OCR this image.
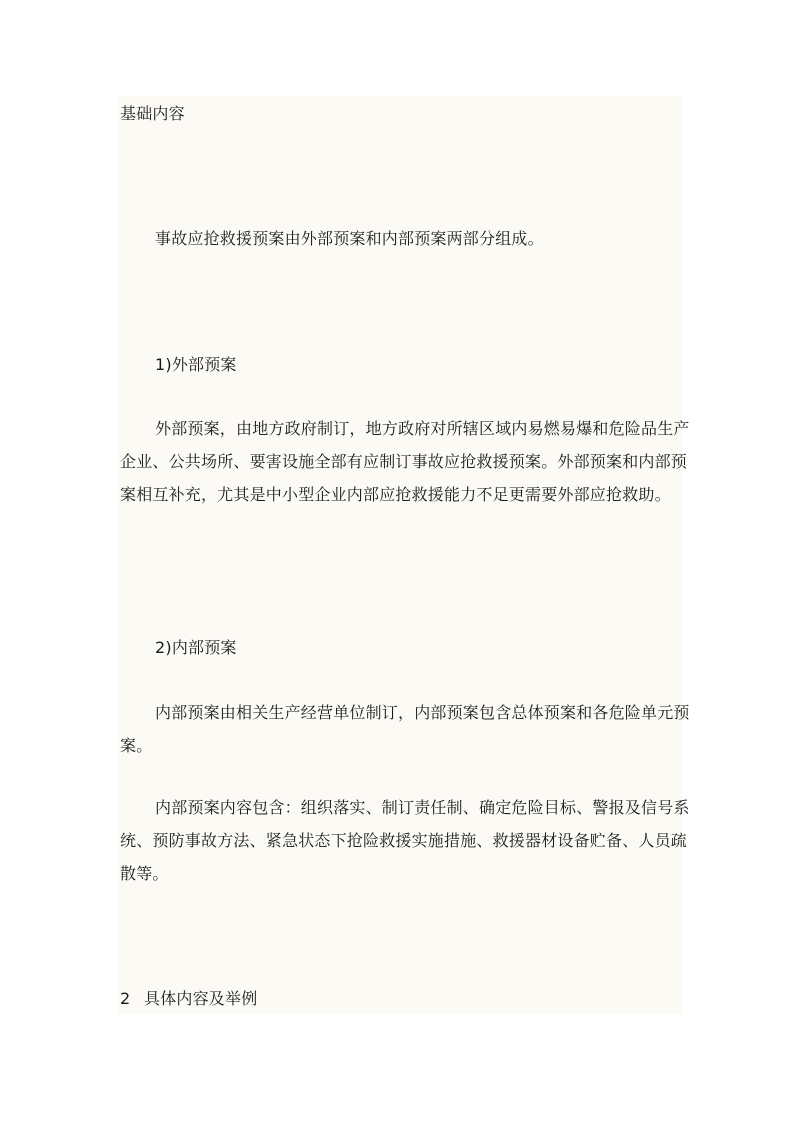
基础内容

事故应抢救援预案由外部预案和内部预案两部分组成。

1)外部预案

外部预案，由地方政府制订，地方政府对所辖区域内易燃易爆和危险品生产

企业、公共场所、要害设施全部有应制订事故应抢救援预案。外部预案和内部预

案相互补充，尤其是中小型企业内部应抢救援能力不足更需要外部应抢救助。

2)内部预案

内部预案由相关生产经营单位制订，内部预案包含总体预案和各危险单元预

案。

内部预案内容包含：组织落实、制订责任制、确定危险目标、警报及信号系

统、预防事故方法、紧急状态下抢险救援实施措施、救援器材设备贮备、人员疏

散等。

2 具体内容及举例
